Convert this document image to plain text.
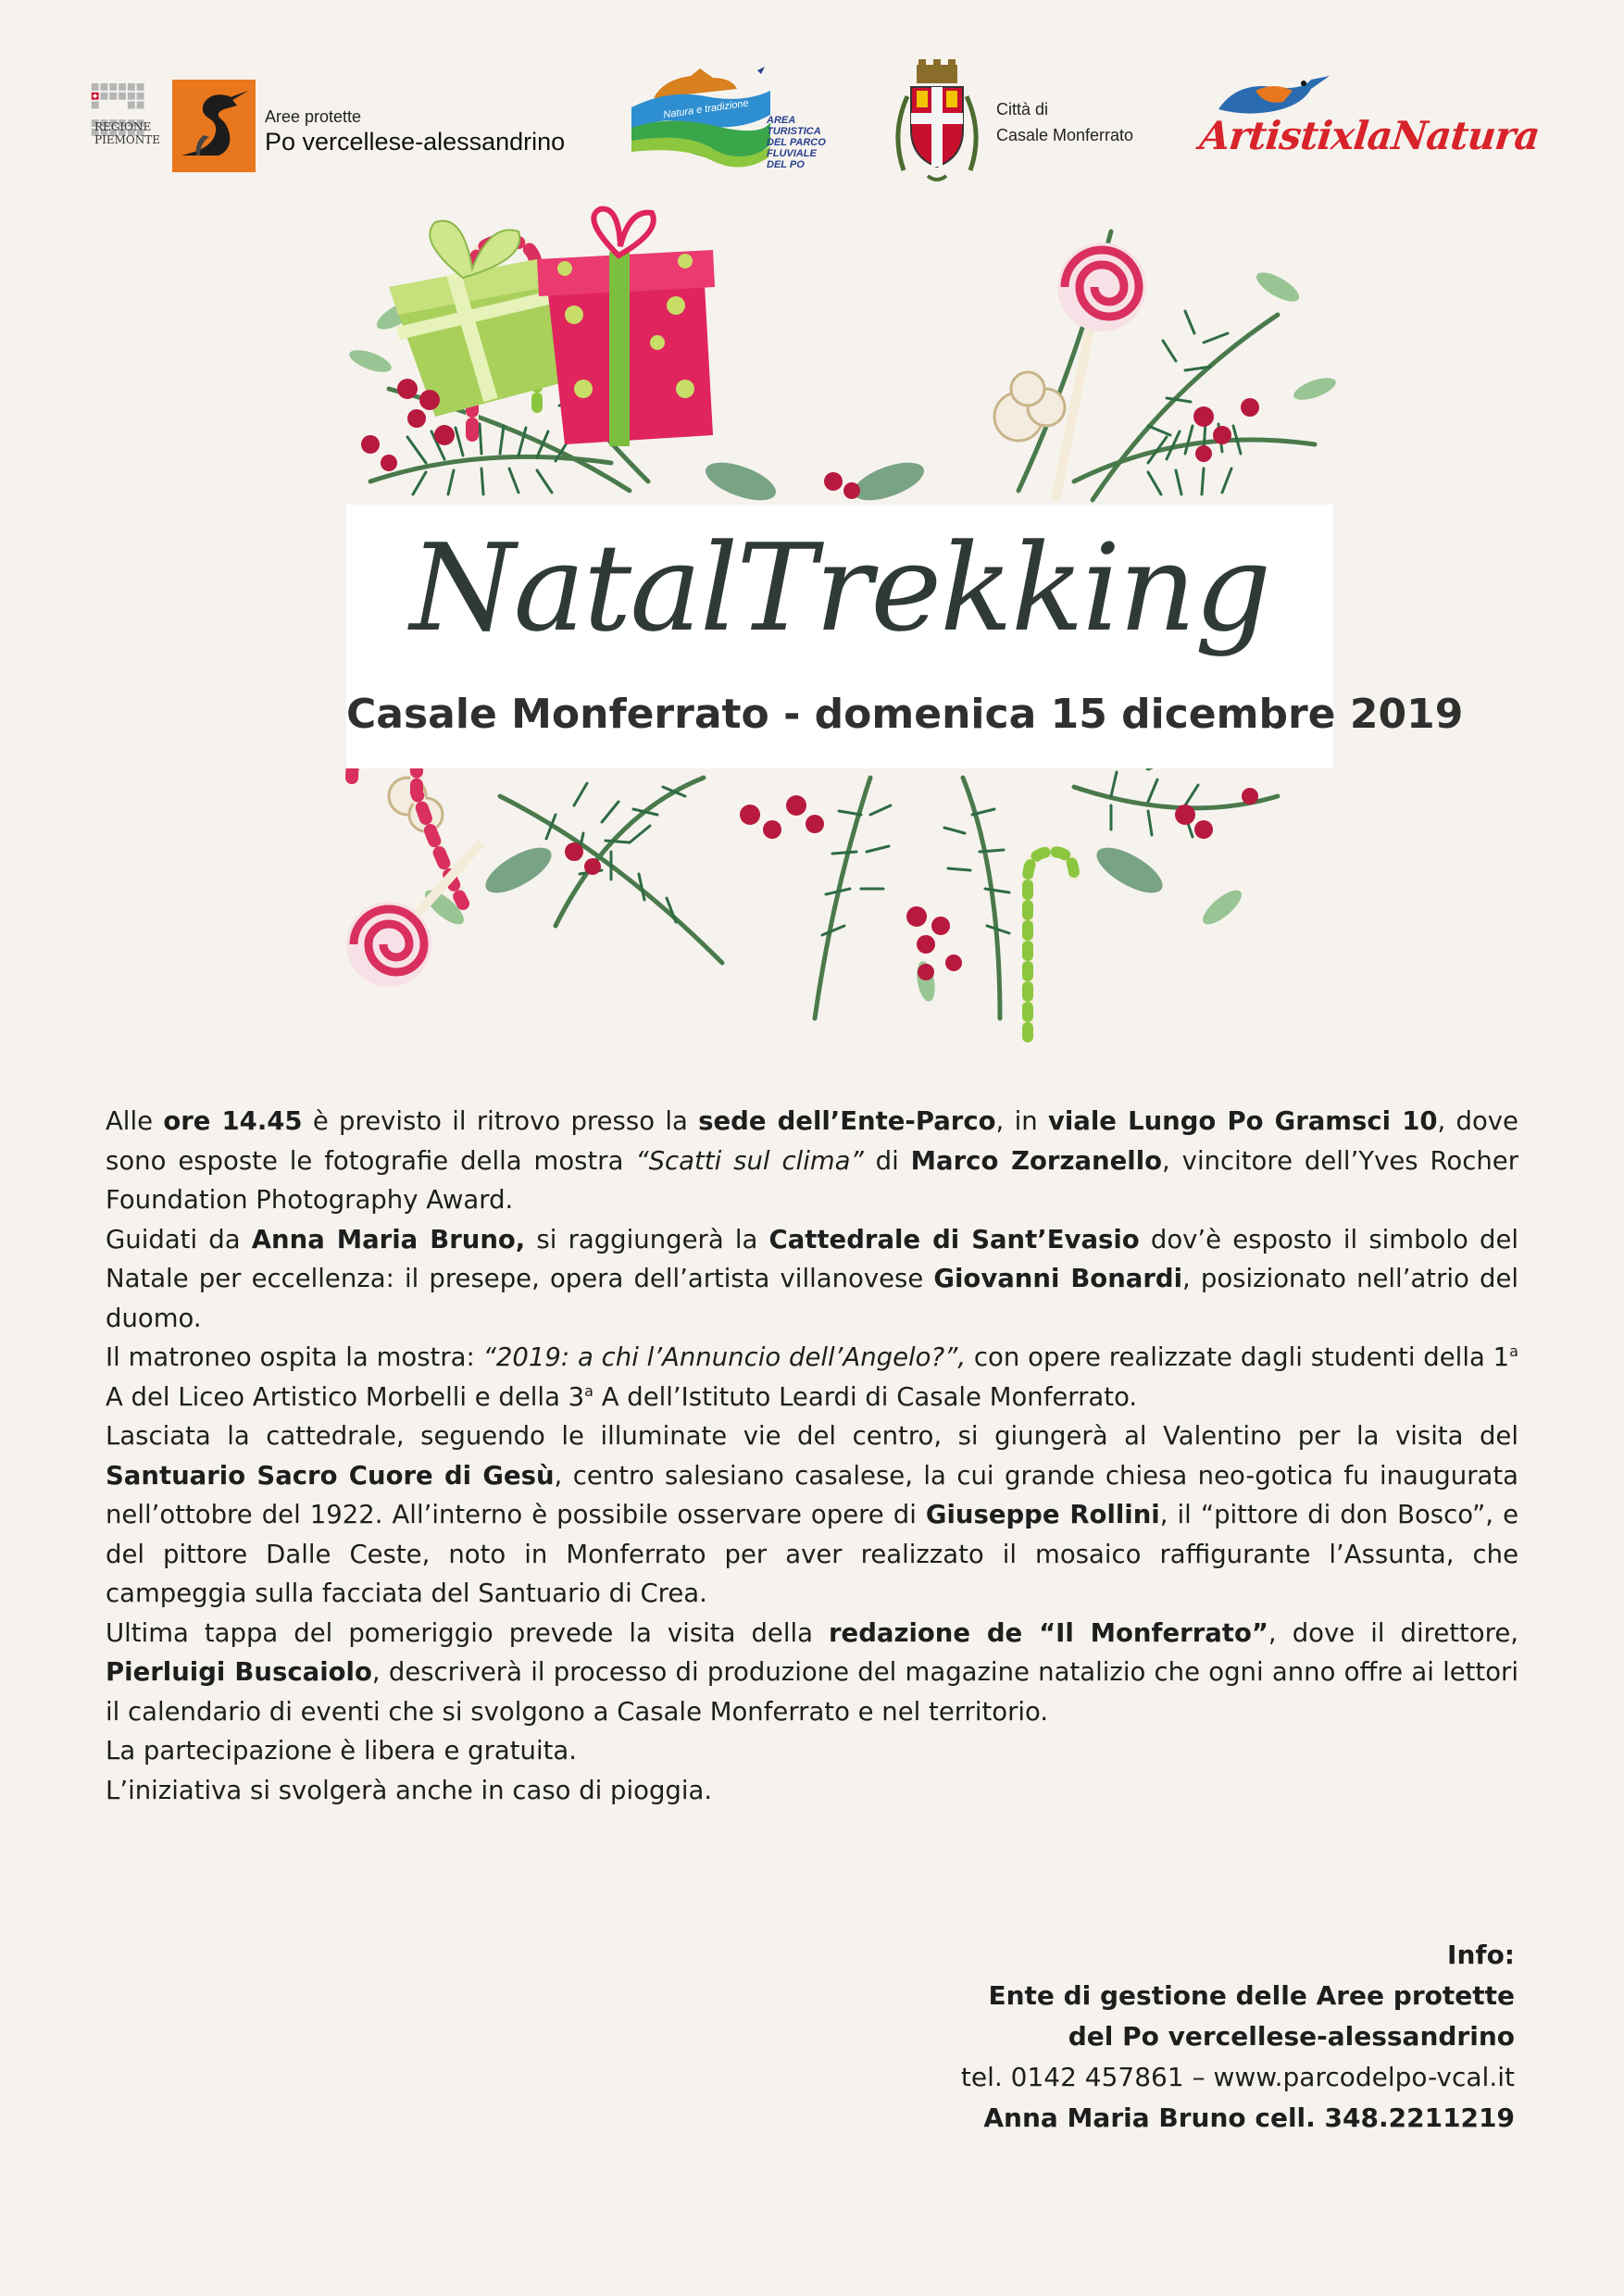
REGIONE
PIEMONTE
Aree protette
Po vercellese-alessandrino
Natura e tradizione AREA
TURISTICA
DEL PARCO
FLUVIALE
DEL PO
Città di
Casale Monferrato ArtistixlaNatura
NatalTrekking
Casale Monferrato - domenica 15 dicembre 2019

Alle ore 14.45 è previsto il ritrovo presso la sede dell’Ente-Parco, in viale Lungo Po Gramsci 10, dove sono esposte le fotografie della mostra “Scatti sul clima” di Marco Zorzanello, vincitore dell’Yves Rocher Foundation Photography Award.

Guidati da Anna Maria Bruno, si raggiungerà la Cattedrale di Sant’Evasio dov’è esposto il simbolo del Natale per eccellenza: il presepe, opera dell’artista villanovese Giovanni Bonardi, posizionato nell’atrio del duomo.

Il matroneo ospita la mostra: “2019: a chi l’Annuncio dell’Angelo?”, con opere realizzate dagli studenti della 1$^a$ A del Liceo Artistico Morbelli e della 3$^a$ A dell’Istituto Leardi di Casale Monferrato.

Lasciata la cattedrale, seguendo le illuminate vie del centro, si giungerà al Valentino per la visita del Santuario Sacro Cuore di Gesù, centro salesiano casalese, la cui grande chiesa neo-gotica fu inaugurata nell’ottobre del 1922. All’interno è possibile osservare opere di Giuseppe Rollini, il “pittore di don Bosco”, e del pittore Dalle Ceste, noto in Monferrato per aver realizzato il mosaico raffigurante l’Assunta, che campeggia sulla facciata del Santuario di Crea.

Ultima tappa del pomeriggio prevede la visita della redazione de “Il Monferrato”, dove il direttore, Pierluigi Buscaiolo, descriverà il processo di produzione del magazine natalizio che ogni anno offre ai lettori il calendario di eventi che si svolgono a Casale Monferrato e nel territorio.

La partecipazione è libera e gratuita.

L’iniziativa si svolgerà anche in caso di pioggia.

Info:
Ente di gestione delle Aree protette
del Po vercellese-alessandrino
tel. 0142 457861 – www.parcodelpo-vcal.it
Anna Maria Bruno cell. 348.2211219
